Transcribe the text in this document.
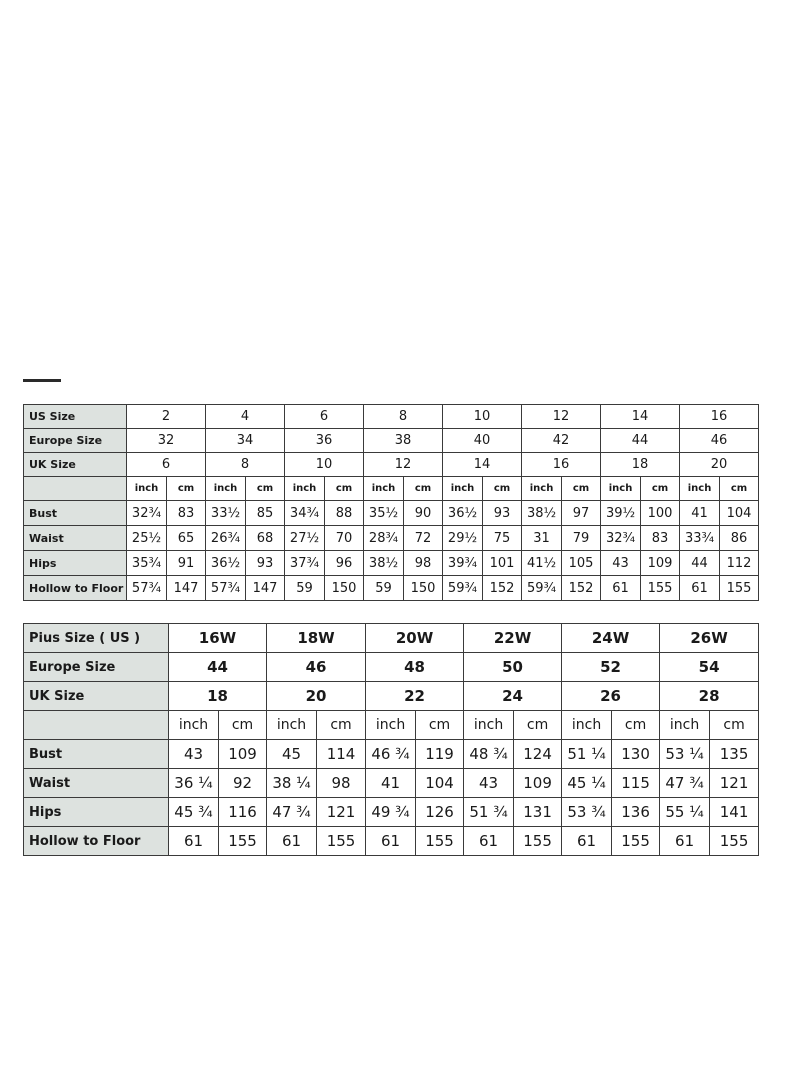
US Size	2		4		6		8		10		12		14		16	
Europe Size	32		34		36		38		40		42		44		46	
UK Size	6		8		10		12		14		16		18		20	
	inch	cm	inch	cm	inch	cm	inch	cm	inch	cm	inch	cm	inch	cm	inch	cm
Bust	32¾	83	33½	85	34¾	88	35½	90	36½	93	38½	97	39½	100	41	104
Waist	25½	65	26¾	68	27½	70	28¾	72	29½	75	31	79	32¾	83	33¾	86
Hips	35¾	91	36½	93	37¾	96	38½	98	39¾	101	41½	105	43	109	44	112
Hollow to Floor	57¾	147	57¾	147	59	150	59	150	59¾	152	59¾	152	61	155	61	155
Pius Size ( US )	16W		18W		20W		22W		24W		26W	
Europe Size	44		46		48		50		52		54	
UK Size	18		20		22		24		26		28	
	inch	cm	inch	cm	inch	cm	inch	cm	inch	cm	inch	cm
Bust	43	109	45	114	46 ¾	119	48 ¾	124	51 ¼	130	53 ¼	135
Waist	36 ¼	92	38 ¼	98	41	104	43	109	45 ¼	115	47 ¾	121
Hips	45 ¾	116	47 ¾	121	49 ¾	126	51 ¾	131	53 ¾	136	55 ¼	141
Hollow to Floor	61	155	61	155	61	155	61	155	61	155	61	155
